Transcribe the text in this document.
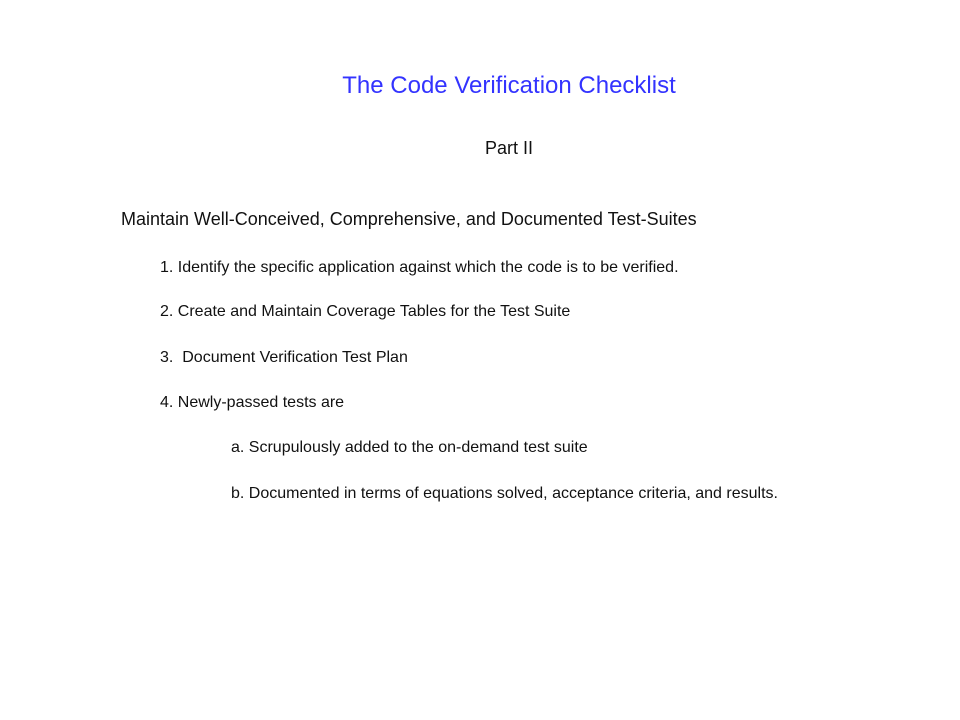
The Code Verification Checklist
Part II
Maintain Well-Conceived, Comprehensive, and Documented Test-Suites
1. Identify the specific application against which the code is to be verified.
2. Create and Maintain Coverage Tables for the Test Suite
3.  Document Verification Test Plan
4. Newly-passed tests are
a. Scrupulously added to the on-demand test suite
b. Documented in terms of equations solved, acceptance criteria, and results.
